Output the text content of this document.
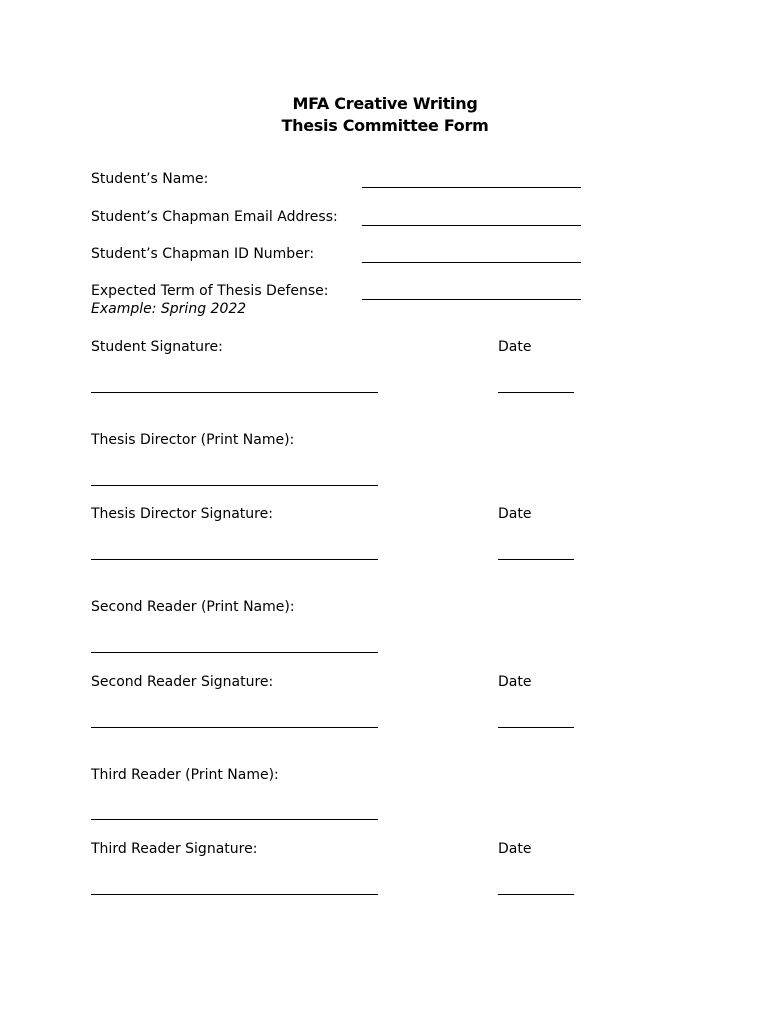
MFA Creative Writing
Thesis Committee Form
Student’s Name:
Student’s Chapman Email Address:
Student’s Chapman ID Number:
Expected Term of Thesis Defense:
Example: Spring 2022
Student Signature:	Date
Thesis Director (Print Name):
Thesis Director Signature:	Date
Second Reader (Print Name):
Second Reader Signature:	Date
Third Reader (Print Name):
Third Reader Signature:	Date
